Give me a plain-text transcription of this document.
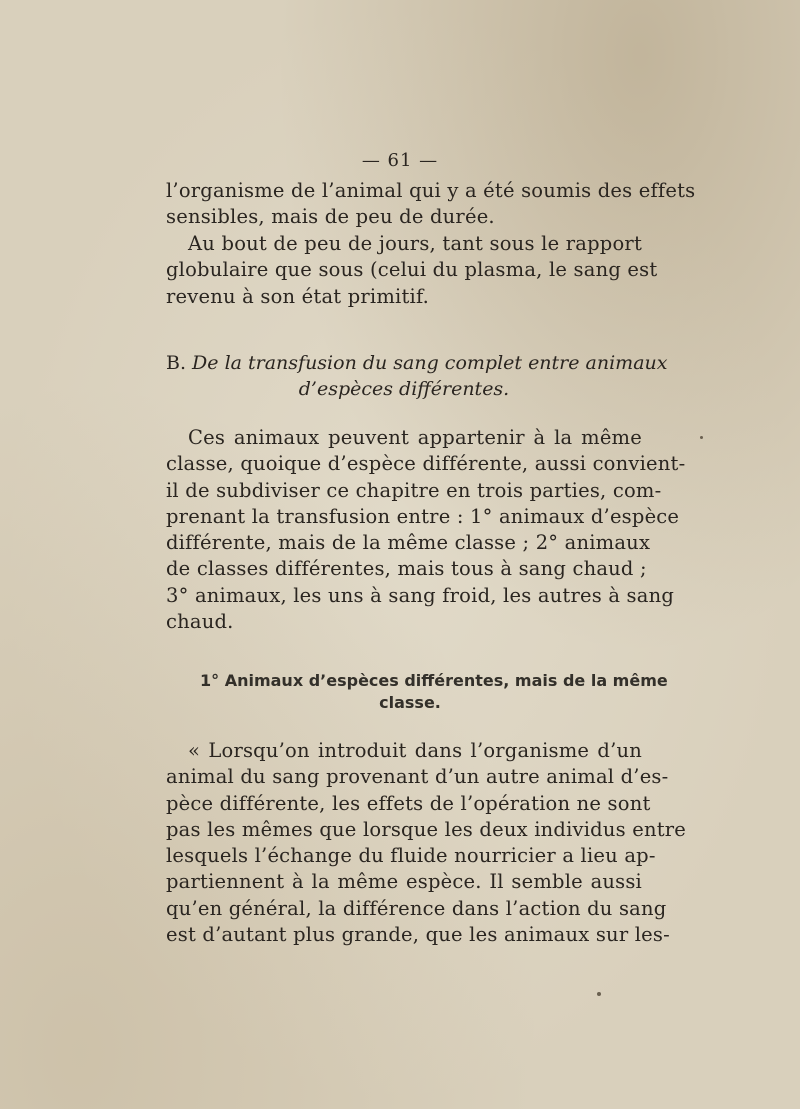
— 61 —
l’organisme de l’animal qui y a été soumis des effets
sensibles, mais de peu de durée.
Au bout de peu de jours, tant sous le rapport
globulaire que sous (celui du plasma, le sang est
revenu à son état primitif.
B. De la transfusion du sang complet entre animaux
d’espèces différentes.
Ces animaux peuvent appartenir à la même
classe, quoique d’espèce différente, aussi convient-
il de subdiviser ce chapitre en trois parties, com-
prenant la transfusion entre : 1° animaux d’espèce
différente, mais de la même classe ; 2° animaux
de classes différentes, mais tous à sang chaud ;
3° animaux, les uns à sang froid, les autres à sang
chaud.
1° Animaux d’espèces différentes, mais de la même
classe.
« Lorsqu’on introduit dans l’organisme d’un
animal du sang provenant d’un autre animal d’es-
pèce différente, les effets de l’opération ne sont
pas les mêmes que lorsque les deux individus entre
lesquels l’échange du fluide nourricier a lieu ap-
partiennent à la même espèce. Il semble aussi
qu’en général, la différence dans l’action du sang
est d’autant plus grande, que les animaux sur les-
